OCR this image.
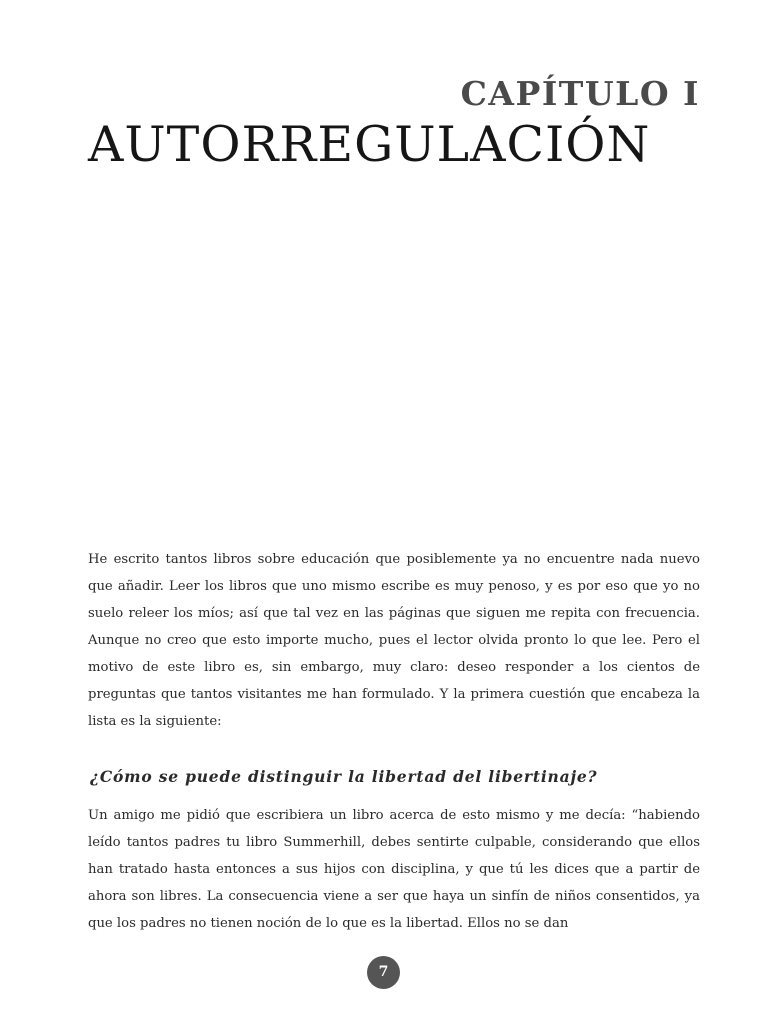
CAPÍTULO I
AUTORREGULACIÓN

He escrito tantos libros sobre educación que posiblemente ya no encuentre nada nuevo que añadir. Leer los libros que uno mismo escribe es muy penoso, y es por eso que yo no suelo releer los míos; así que tal vez en las páginas que siguen me repita con frecuencia. Aunque no creo que esto importe mucho, pues el lector olvida pronto lo que lee. Pero el motivo de este libro es, sin embargo, muy claro: deseo responder a los cientos de preguntas que tantos visitantes me han formulado. Y la primera cuestión que encabeza la lista es la siguiente:

¿Cómo se puede distinguir la libertad del libertinaje?

Un amigo me pidió que escribiera un libro acerca de esto mismo y me decía: “habiendo leído tantos padres tu libro Summerhill, debes sentirte culpable, considerando que ellos han tratado hasta entonces a sus hijos con disciplina, y que tú les dices que a partir de ahora son libres. La consecuencia viene a ser que haya un sinfín de niños consentidos, ya que los padres no tienen noción de lo que es la libertad. Ellos no se dan

7
